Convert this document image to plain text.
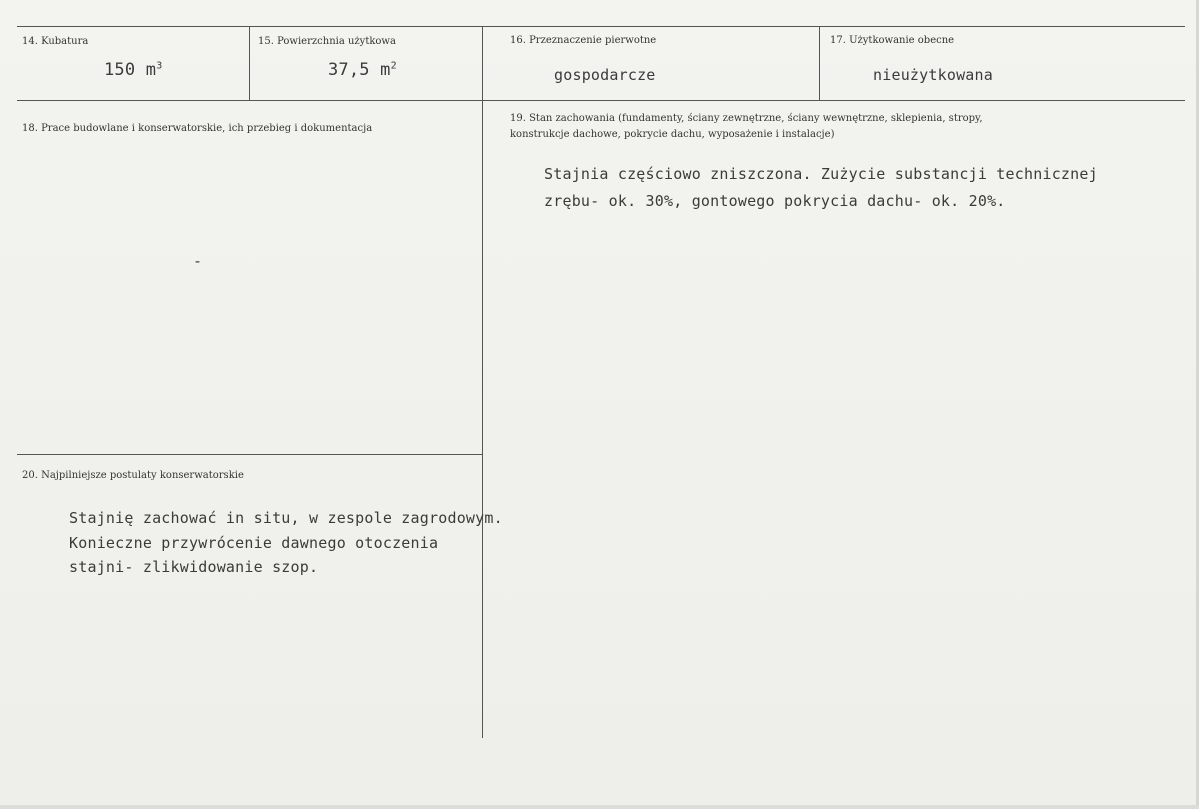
14. Kubatura
150 $m^3$
15. Powierzchnia użytkowa
37,5 $m^2$
16. Przeznaczenie pierwotne
gospodarcze
17. Użytkowanie obecne
nieużytkowana
18. Prace budowlane i konserwatorskie, ich przebieg i dokumentacja
-
19. Stan zachowania (fundamenty, ściany zewnętrzne, ściany wewnętrzne, sklepienia, stropy,
konstrukcje dachowe, pokrycie dachu, wyposażenie i instalacje)
Stajnia częściowo zniszczona. Zużycie substancji technicznej
zrębu- ok. 30%, gontowego pokrycia dachu- ok. 20%.
20. Najpilniejsze postulaty konserwatorskie
Stajnię zachować in situ, w zespole zagrodowym.
Konieczne przywrócenie dawnego otoczenia
stajni- zlikwidowanie szop.
